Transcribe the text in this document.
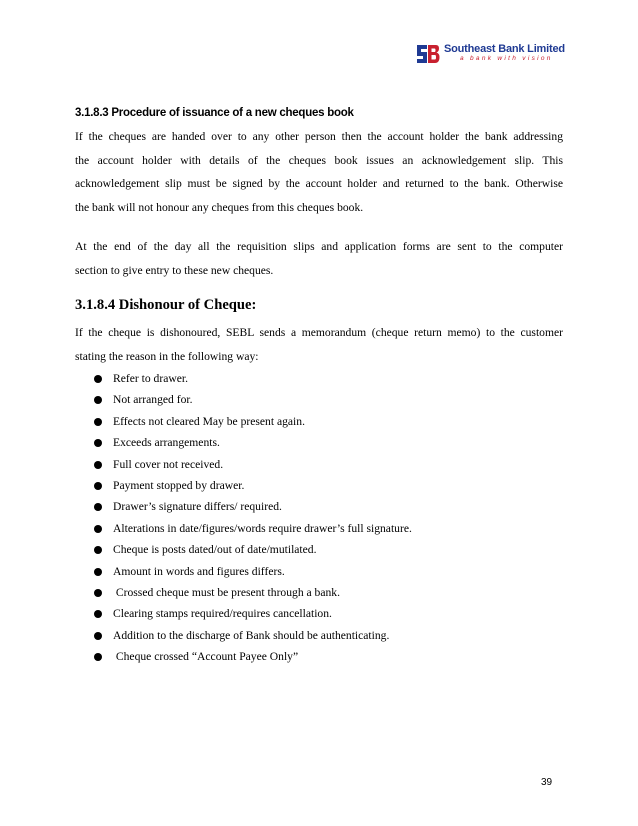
Southeast Bank Limited
a bank with vision
3.1.8.3 Procedure of issuance of a new cheques book
If the cheques are handed over to any other person then the account holder the bank addressing
the account holder with details of the cheques book issues an acknowledgement slip. This
acknowledgement slip must be signed by the account holder and returned to the bank. Otherwise
the bank will not honour any cheques from this cheques book.
At the end of the day all the requisition slips and application forms are sent to the computer
section to give entry to these new cheques.
3.1.8.4 Dishonour of Cheque:
If the cheque is dishonoured, SEBL sends a memorandum (cheque return memo) to the customer
stating the reason in the following way:
Refer to drawer.
Not arranged for.
Effects not cleared May be present again.
Exceeds arrangements.
Full cover not received.
Payment stopped by drawer.
Drawer’s signature differs/ required.
Alterations in date/figures/words require drawer’s full signature.
Cheque is posts dated/out of date/mutilated.
Amount in words and figures differs.
Crossed cheque must be present through a bank.
Clearing stamps required/requires cancellation.
Addition to the discharge of Bank should be authenticating.
Cheque crossed “Account Payee Only”
39
